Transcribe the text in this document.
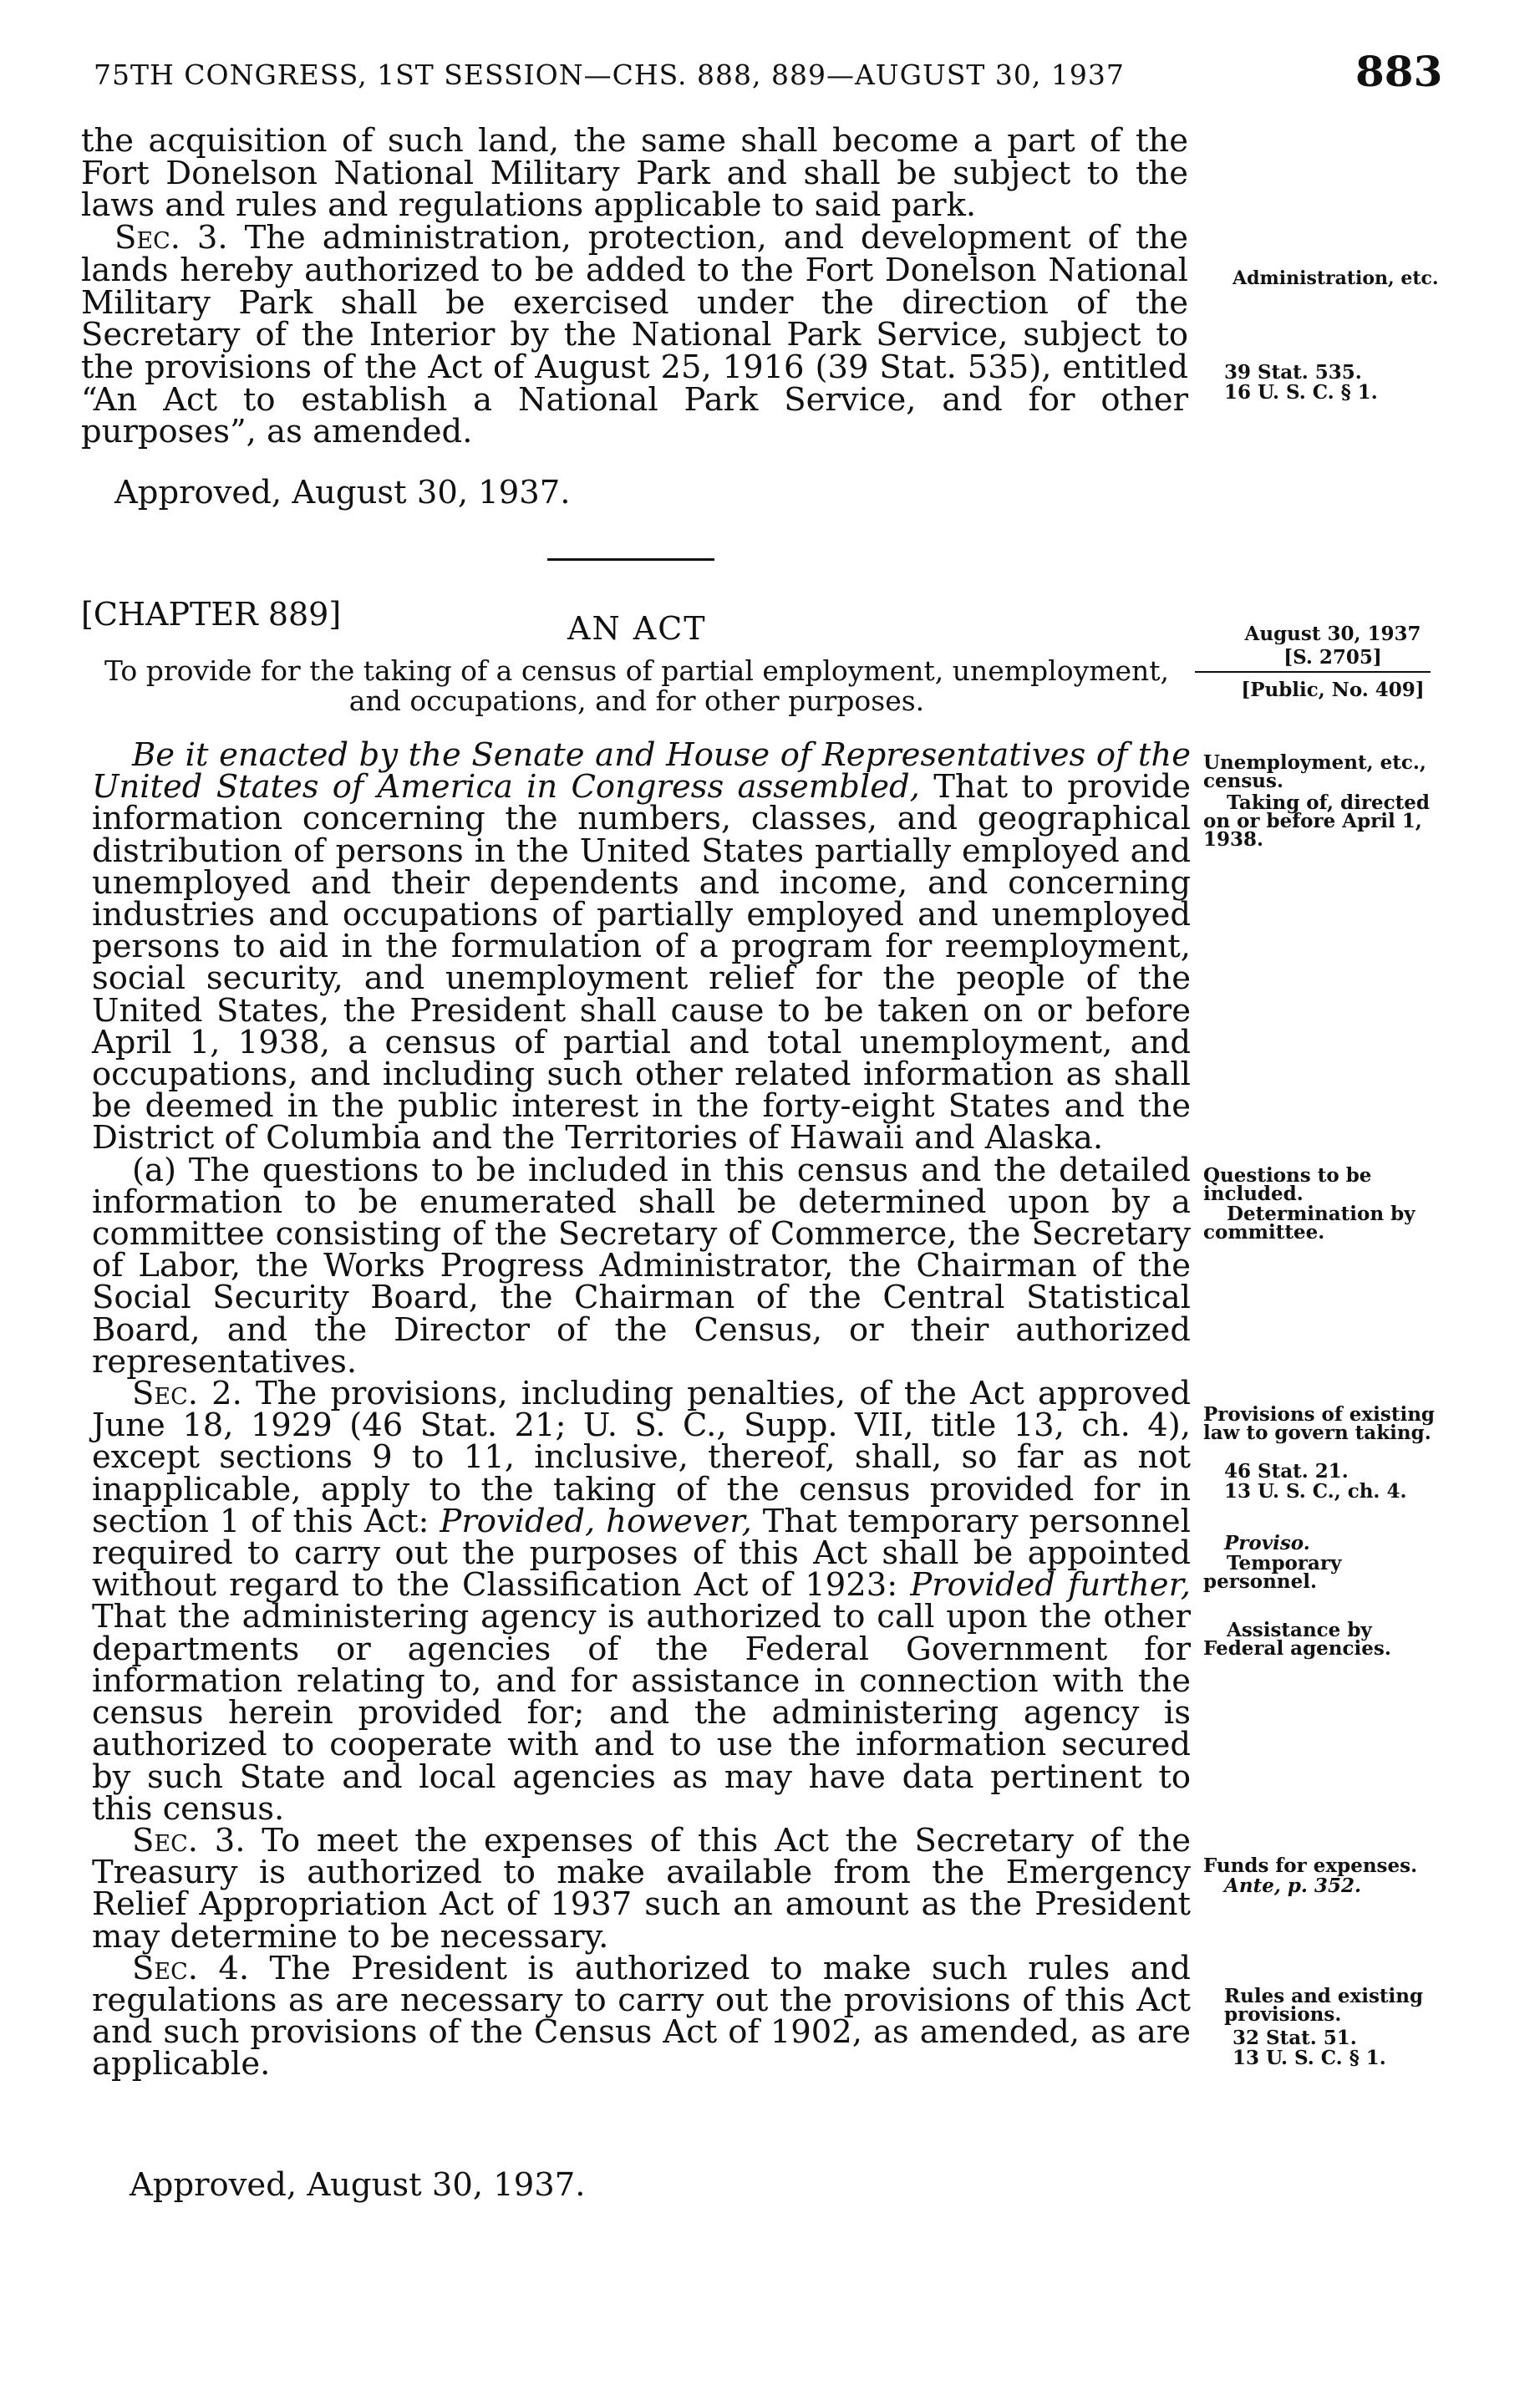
75TH CONGRESS, 1ST SESSION—CHS. 888, 889—AUGUST 30, 1937	883

the acquisition of such land, the same shall become a part of the Fort Donelson National Military Park and shall be subject to the laws and rules and regulations applicable to said park.

Sec. 3. The administration, protection, and development of the lands hereby authorized to be added to the Fort Donelson National Military Park shall be exercised under the direction of the Secretary of the Interior by the National Park Service, subject to the provisions of the Act of August 25, 1916 (39 Stat. 535), entitled “An Act to establish a National Park Service, and for other purposes”, as amended.

Approved, August 30, 1937.
[CHAPTER 889]	AN ACT
To provide for the taking of a census of partial employment, unemployment, and occupations, and for other purposes.
August 30, 1937
[S. 2705]
[Public, No. 409]

Be it enacted by the Senate and House of Representatives of the United States of America in Congress assembled, That to provide information concerning the numbers, classes, and geographical distribution of persons in the United States partially employed and unemployed and their dependents and income, and concerning industries and occupations of partially employed and unemployed persons to aid in the formulation of a program for reemployment, social security, and unemployment relief for the people of the United States, the President shall cause to be taken on or before April 1, 1938, a census of partial and total unemployment, and occupations, and including such other related information as shall be deemed in the public interest in the forty-eight States and the District of Columbia and the Territories of Hawaii and Alaska.

(a) The questions to be included in this census and the detailed information to be enumerated shall be determined upon by a committee consisting of the Secretary of Commerce, the Secretary of Labor, the Works Progress Administrator, the Chairman of the Social Security Board, the Chairman of the Central Statistical Board, and the Director of the Census, or their authorized representatives.

Sec. 2. The provisions, including penalties, of the Act approved June 18, 1929 (46 Stat. 21; U. S. C., Supp. VII, title 13, ch. 4), except sections 9 to 11, inclusive, thereof, shall, so far as not inapplicable, apply to the taking of the census provided for in section 1 of this Act: Provided, however, That temporary personnel required to carry out the purposes of this Act shall be appointed without regard to the Classification Act of 1923: Provided further, That the administering agency is authorized to call upon the other departments or agencies of the Federal Government for information relating to, and for assistance in connection with the census herein provided for; and the administering agency is authorized to cooperate with and to use the information secured by such State and local agencies as may have data pertinent to this census.

Sec. 3. To meet the expenses of this Act the Secretary of the Treasury is authorized to make available from the Emergency Relief Appropriation Act of 1937 such an amount as the President may determine to be necessary.

Sec. 4. The President is authorized to make such rules and regulations as are necessary to carry out the provisions of this Act and such provisions of the Census Act of 1902, as amended, as are applicable.

Approved, August 30, 1937.
Administration, etc.
39 Stat. 535.
16 U. S. C. § 1.
Unemployment, etc., census.
Taking of, directed on or before April 1, 1938.
Questions to be included.
Determination by committee.
Provisions of existing law to govern taking.
46 Stat. 21.
13 U. S. C., ch. 4.
Proviso.
Temporary personnel.
Assistance by Federal agencies.
Funds for expenses.
Ante, p. 352.
Rules and existing provisions.
32 Stat. 51.
13 U. S. C. § 1.
